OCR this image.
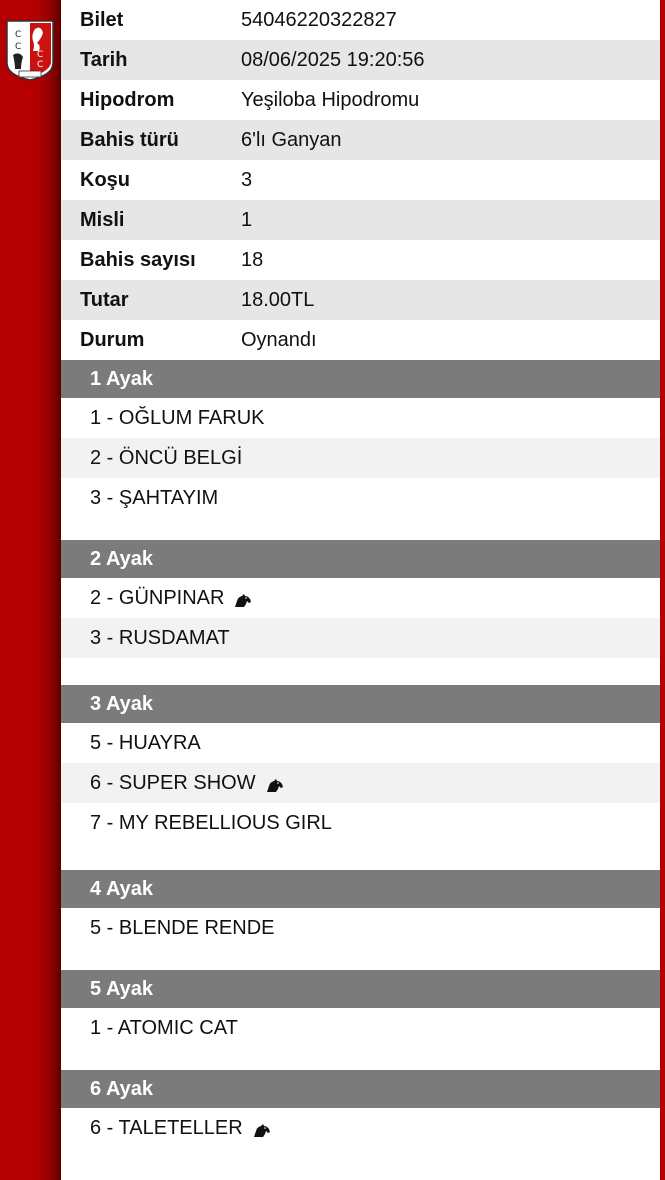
C
C
C
C
Bilet	54046220322827
Tarih	08/06/2025 19:20:56
Hipodrom	Yeşiloba Hipodromu
Bahis türü	6'lı Ganyan
Koşu	3
Misli	1
Bahis sayısı	18
Tutar	18.00TL
Durum	Oynandı
1 Ayak
1 - OĞLUM FARUK
2 - ÖNCÜ BELGİ
3 - ŞAHTAYIM
2 Ayak
2 - GÜNPINAR
3 - RUSDAMAT
3 Ayak
5 - HUAYRA
6 - SUPER SHOW
7 - MY REBELLIOUS GIRL
4 Ayak
5 - BLENDE RENDE
5 Ayak
1 - ATOMIC CAT
6 Ayak
6 - TALETELLER
